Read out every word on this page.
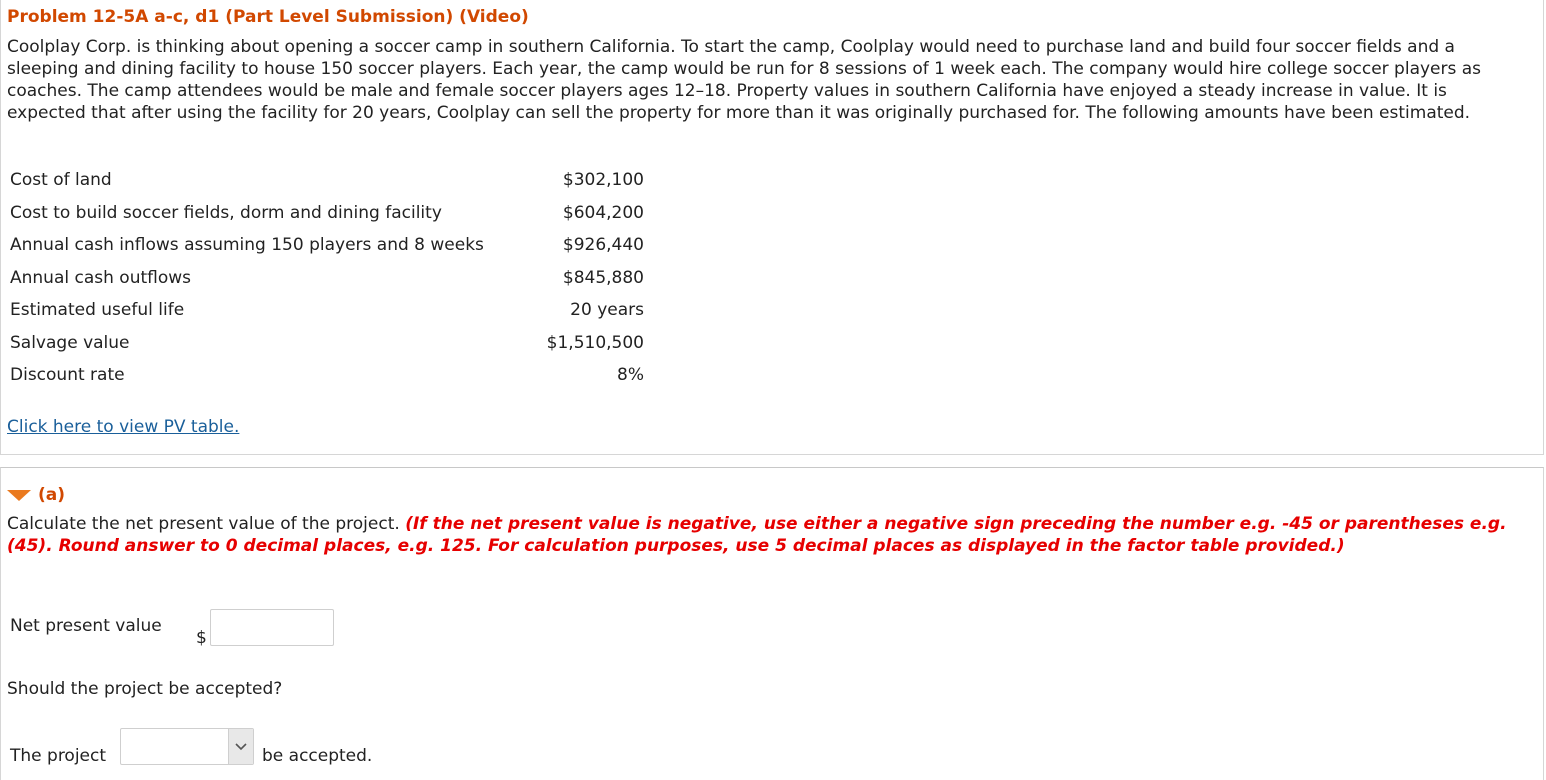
Problem 12-5A a-c, d1 (Part Level Submission) (Video)
Coolplay Corp. is thinking about opening a soccer camp in southern California. To start the camp, Coolplay would need to purchase land and build four soccer fields and a sleeping and dining facility to house 150 soccer players. Each year, the camp would be run for 8 sessions of 1 week each. The company would hire college soccer players as coaches. The camp attendees would be male and female soccer players ages 12–18. Property values in southern California have enjoyed a steady increase in value. It is expected that after using the facility for 20 years, Coolplay can sell the property for more than it was originally purchased for. The following amounts have been estimated.
Cost of land	$302,100
Cost to build soccer fields, dorm and dining facility	$604,200
Annual cash inflows assuming 150 players and 8 weeks	$926,440
Annual cash outflows	$845,880
Estimated useful life	20 years
Salvage value	$1,510,500
Discount rate	8%
Click here to view PV table.
(a)
Calculate the net present value of the project. (If the net present value is negative, use either a negative sign preceding the number e.g. -45 or parentheses e.g. (45). Round answer to 0 decimal places, e.g. 125. For calculation purposes, use 5 decimal places as displayed in the factor table provided.)
Net present value
$
Should the project be accepted?
The project	be accepted.
